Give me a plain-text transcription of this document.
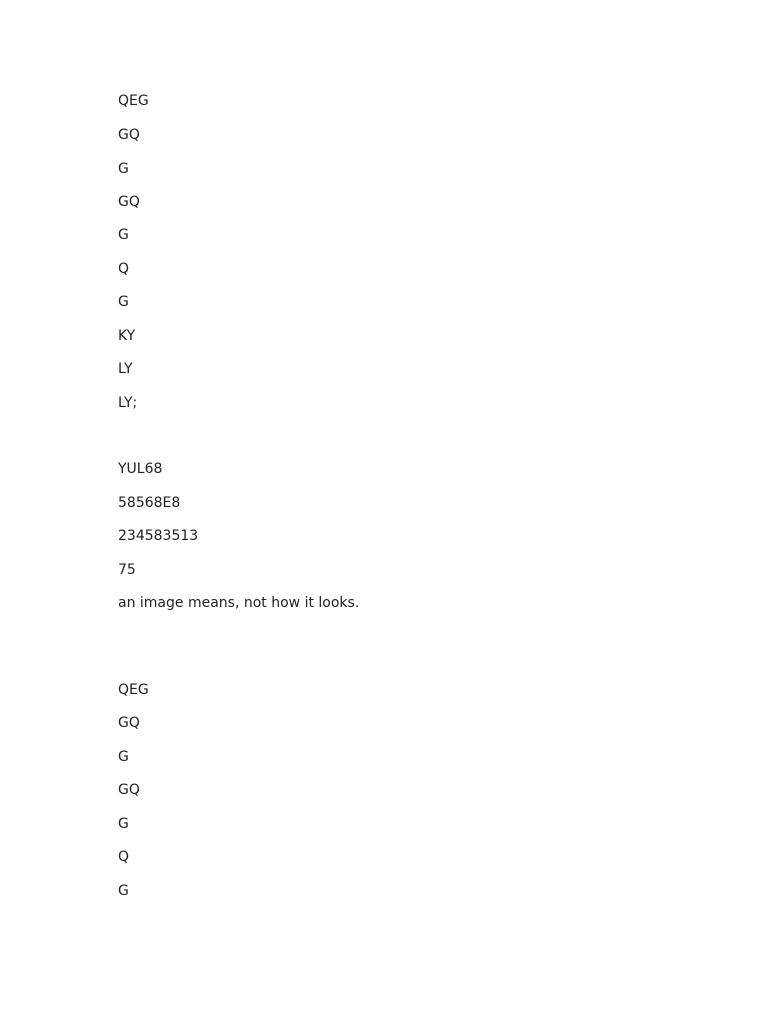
QEG
GQ
G
GQ
G
Q
G
KY
LY
LY;
YUL68
58568E8
234583513
75
an image means, not how it looks.
QEG
GQ
G
GQ
G
Q
G
